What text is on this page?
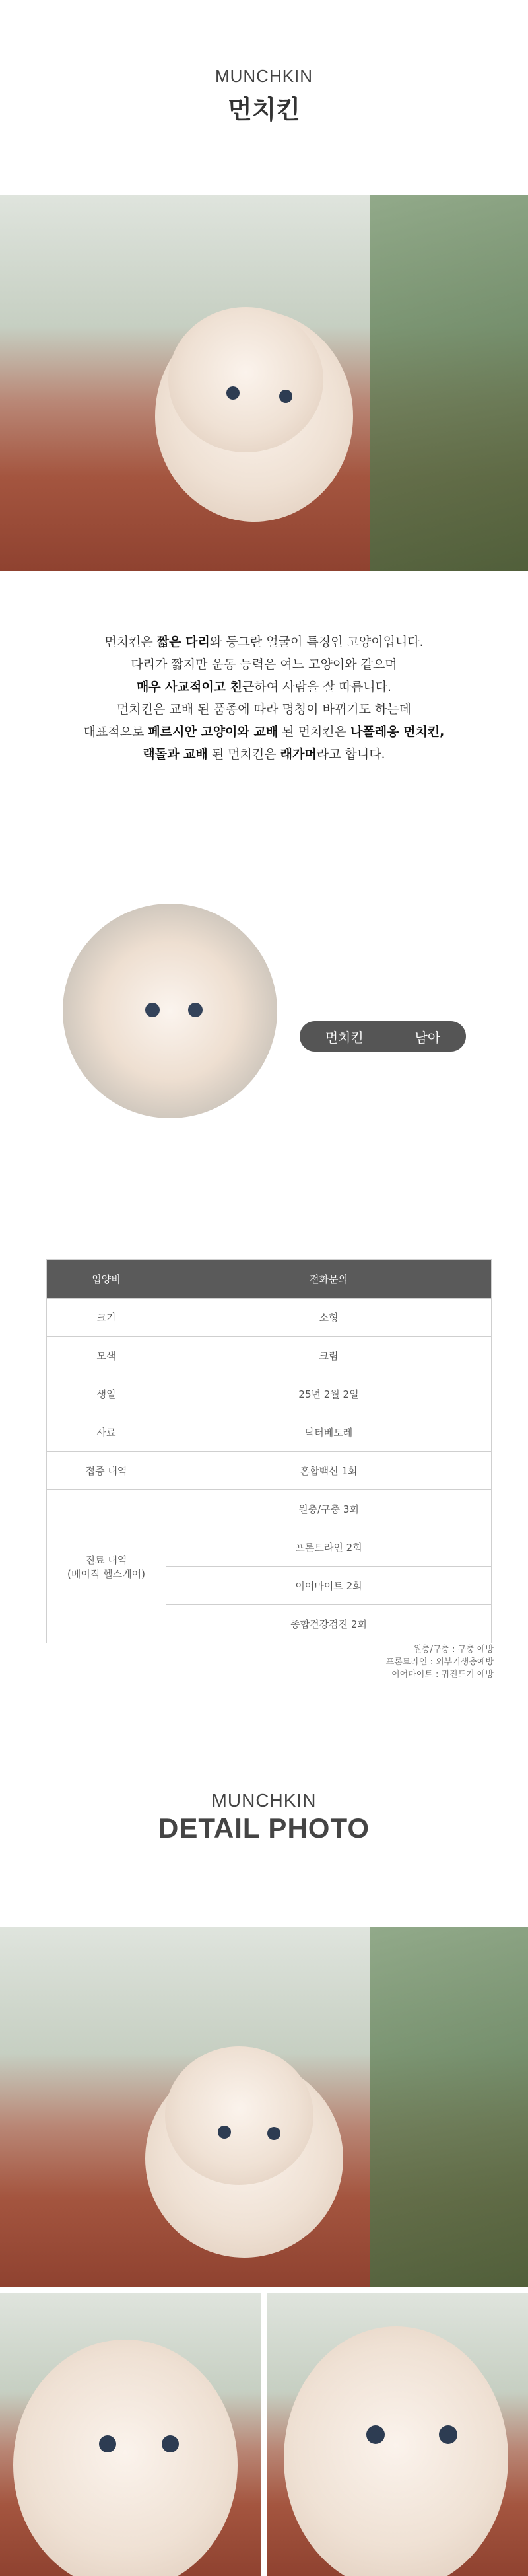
MUNCHKIN
먼치킨
먼치킨은 짧은 다리와 둥그란 얼굴이 특징인 고양이입니다.
다리가 짧지만 운동 능력은 여느 고양이와 같으며
매우 사교적이고 친근하여 사람을 잘 따릅니다.
먼치킨은 교배 된 품종에 따라 명칭이 바뀌기도 하는데
대표적으로 페르시안 고양이와 교배 된 먼치킨은 나폴레옹 먼치킨,
랙돌과 교배 된 먼치킨은 래가머라고 합니다.
먼치킨	남아
입양비	전화문의
크기	소형
모색	크림
생일	25년 2월 2일
사료	닥터베토레
접종 내역	혼합백신 1회

진료 내역
(베이직 헬스케어)	원충/구충 3회
	프론트라인 2회
	이어마이트 2회
	종합건강검진 2회
원충/구충 : 구충 예방
프론트라인 : 외부기생충예방
이어마이트 : 귀진드기 예방
MUNCHKIN
DETAIL PHOTO
